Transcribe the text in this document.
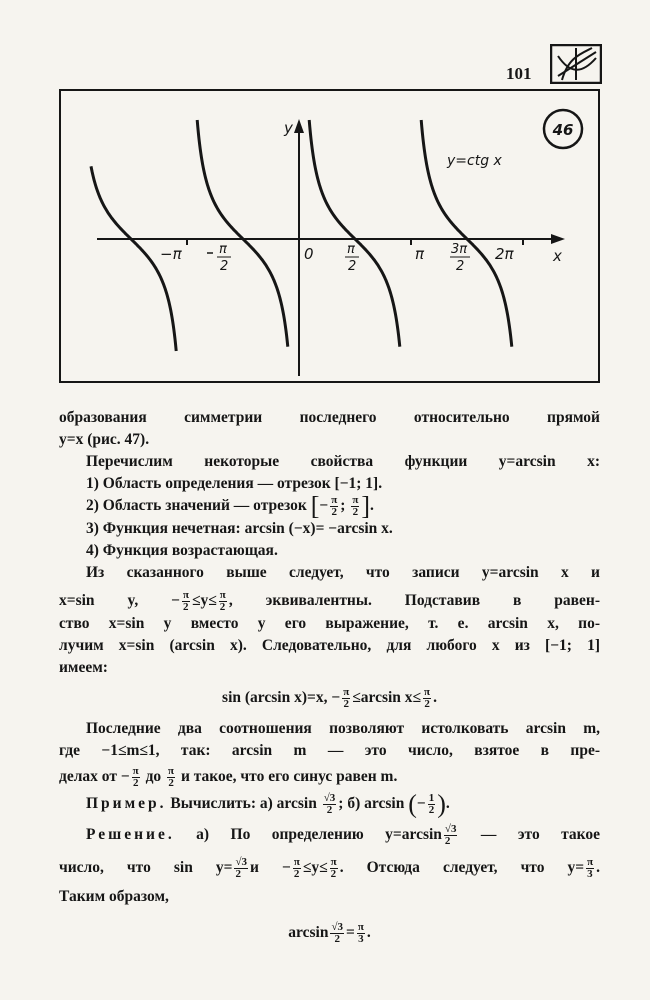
101
y
x
y=ctg x
0
−π	π
2
π
2
π 3π
2
2π
46
образования симметрии последнего относительно прямой
y=x (рис. 47).
Перечислим некоторые свойства функции y=arcsin x:
1) Область определения — отрезок [−1; 1].
2) Область значений — отрезок [− $\frac{\pi}{2}$ ; $\frac{\pi}{2}$ ].
3) Функция нечетная: arcsin (−x)= −arcsin x.
4) Функция возрастающая.
Из сказанного выше следует, что записи y=arcsin x и
x=sin y, − $\frac{\pi}{2} \le y\le \frac{\pi}{2}$ , эквивалентны. Подставив в равен-
ство x=sin y вместо y его выражение, т. е. arcsin x, по-
лучим x=sin (arcsin x). Следовательно, для любого x из [−1; 1]
имеем:
sin (arcsin x)=x, − $\frac{\pi}{2} \le\arcsin$ $x\le \frac{\pi}{2}$ .
Последние два соотношения позволяют истолковать arcsin m,
где −1≤m≤1, так: arcsin m — это число, взятое в пре-
делах от − $\frac{\pi}{2}$ до $\frac{\pi}{2}$ и такое, что его синус равен m.
Пример. Вычислить: а) $\arcsin \frac{√3}{2}$ ; б) arcsin (− $\frac{1}{2}$ ).
Решение. а) По определению $y=\arcsin \frac{√3}{2}$ — это такое
число, что $\sin y= \frac{√3}{2}$ $и - \frac{\pi}{2} \le y\le \frac{\pi}{2}$ . Отсюда следует, что $y= \frac{\pi}{3}$ .
Таким образом,
$\arcsin \frac{√3}{2} = \frac{\pi}{3}$ .
